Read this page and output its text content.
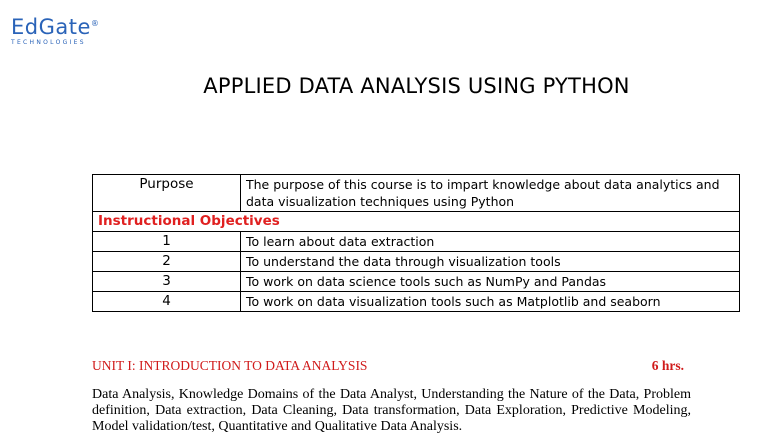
EdGate®
TECHNOLOGIES
APPLIED DATA ANALYSIS USING PYTHON
Purpose	The purpose of this course is to impart knowledge about data analytics and data visualization techniques using Python
Instructional Objectives	
1	To learn about data extraction
2	To understand the data through visualization tools
3	To work on data science tools such as NumPy and Pandas
4	To work on data visualization tools such as Matplotlib and seaborn
UNIT I: INTRODUCTION TO DATA ANALYSIS	6 hrs.
Data Analysis, Knowledge Domains of the Data Analyst, Understanding the Nature of the Data, Problem definition, Data extraction, Data Cleaning, Data transformation, Data Exploration, Predictive Modeling, Model validation/test, Quantitative and Qualitative Data Analysis.
